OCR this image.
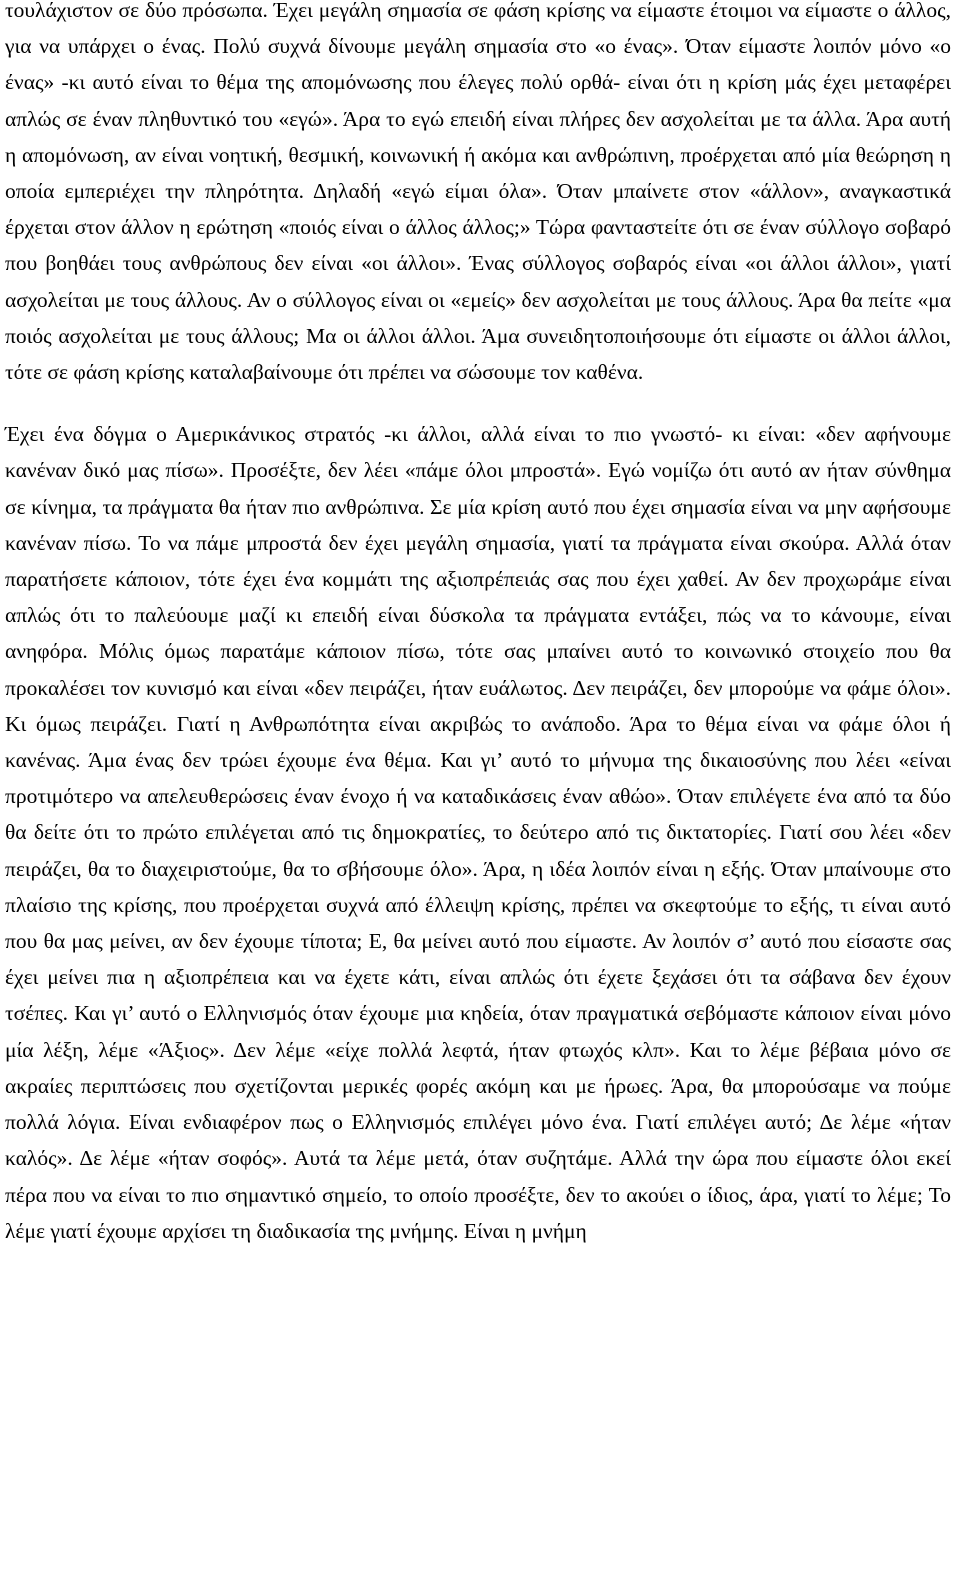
τουλάχιστον σε δύο πρόσωπα. Έχει μεγάλη σημασία σε φάση κρίσης να είμαστε έτοιμοι να είμαστε ο άλλος, για να υπάρχει ο ένας. Πολύ συχνά δίνουμε μεγάλη σημασία στο «ο ένας». Όταν είμαστε λοιπόν μόνο «ο ένας» -κι αυτό είναι το θέμα της απομόνωσης που έλεγες πολύ ορθά- είναι ότι η κρίση μάς έχει μεταφέρει απλώς σε έναν πληθυντικό του «εγώ». Άρα το εγώ επειδή είναι πλήρες δεν ασχολείται με τα άλλα. Άρα αυτή η απομόνωση, αν είναι νοητική, θεσμική, κοινωνική ή ακόμα και ανθρώπινη, προέρχεται από μία θεώρηση η οποία εμπεριέχει την πληρότητα. Δηλαδή «εγώ είμαι όλα». Όταν μπαίνετε στον «άλλον», αναγκαστικά έρχεται στον άλλον η ερώτηση «ποιός είναι ο άλλος άλλος;» Τώρα φανταστείτε ότι σε έναν σύλλογο σοβαρό που βοηθάει τους ανθρώπους δεν είναι «οι άλλοι». Ένας σύλλογος σοβαρός είναι «οι άλλοι άλλοι», γιατί ασχολείται με τους άλλους. Αν ο σύλλογος είναι οι «εμείς» δεν ασχολείται με τους άλλους. Άρα θα πείτε «μα ποιός ασχολείται με τους άλλους; Μα οι άλλοι άλλοι. Άμα συνειδητοποιήσουμε ότι είμαστε οι άλλοι άλλοι, τότε σε φάση κρίσης καταλαβαίνουμε ότι πρέπει να σώσουμε τον καθένα.

Έχει ένα δόγμα ο Αμερικάνικος στρατός -κι άλλοι, αλλά είναι το πιο γνωστό- κι είναι: «δεν αφήνουμε κανέναν δικό μας πίσω». Προσέξτε, δεν λέει «πάμε όλοι μπροστά». Εγώ νομίζω ότι αυτό αν ήταν σύνθημα σε κίνημα, τα πράγματα θα ήταν πιο ανθρώπινα. Σε μία κρίση αυτό που έχει σημασία είναι να μην αφήσουμε κανέναν πίσω. Το να πάμε μπροστά δεν έχει μεγάλη σημασία, γιατί τα πράγματα είναι σκούρα. Αλλά όταν παρατήσετε κάποιον, τότε έχει ένα κομμάτι της αξιοπρέπειάς σας που έχει χαθεί. Αν δεν προχωράμε είναι απλώς ότι το παλεύουμε μαζί κι επειδή είναι δύσκολα τα πράγματα εντάξει, πώς να το κάνουμε, είναι ανηφόρα. Μόλις όμως παρατάμε κάποιον πίσω, τότε σας μπαίνει αυτό το κοινωνικό στοιχείο που θα προκαλέσει τον κυνισμό και είναι «δεν πειράζει, ήταν ευάλωτος. Δεν πειράζει, δεν μπορούμε να φάμε όλοι». Κι όμως πειράζει. Γιατί η Ανθρωπότητα είναι ακριβώς το ανάποδο. Άρα το θέμα είναι να φάμε όλοι ή κανένας. Άμα ένας δεν τρώει έχουμε ένα θέμα. Και γι’ αυτό το μήνυμα της δικαιοσύνης που λέει «είναι προτιμότερο να απελευθερώσεις έναν ένοχο ή να καταδικάσεις έναν αθώο». Όταν επιλέγετε ένα από τα δύο θα δείτε ότι το πρώτο επιλέγεται από τις δημοκρατίες, το δεύτερο από τις δικτατορίες. Γιατί σου λέει «δεν πειράζει, θα το διαχειριστούμε, θα το σβήσουμε όλο». Άρα, η ιδέα λοιπόν είναι η εξής. Όταν μπαίνουμε στο πλαίσιο της κρίσης, που προέρχεται συχνά από έλλειψη κρίσης, πρέπει να σκεφτούμε το εξής, τι είναι αυτό που θα μας μείνει, αν δεν έχουμε τίποτα; Ε, θα μείνει αυτό που είμαστε. Αν λοιπόν σ’ αυτό που είσαστε σας έχει μείνει πια η αξιοπρέπεια και να έχετε κάτι, είναι απλώς ότι έχετε ξεχάσει ότι τα σάβανα δεν έχουν τσέπες. Και γι’ αυτό ο Ελληνισμός όταν έχουμε μια κηδεία, όταν πραγματικά σεβόμαστε κάποιον είναι μόνο μία λέξη, λέμε «Άξιος». Δεν λέμε «είχε πολλά λεφτά, ήταν φτωχός κλπ». Και το λέμε βέβαια μόνο σε ακραίες περιπτώσεις που σχετίζονται μερικές φορές ακόμη και με ήρωες. Άρα, θα μπορούσαμε να πούμε πολλά λόγια. Είναι ενδιαφέρον πως ο Ελληνισμός επιλέγει μόνο ένα. Γιατί επιλέγει αυτό; Δε λέμε «ήταν καλός». Δε λέμε «ήταν σοφός». Αυτά τα λέμε μετά, όταν συζητάμε. Αλλά την ώρα που είμαστε όλοι εκεί πέρα που να είναι το πιο σημαντικό σημείο, το οποίο προσέξτε, δεν το ακούει ο ίδιος, άρα, γιατί το λέμε; Το λέμε γιατί έχουμε αρχίσει τη διαδικασία της μνήμης. Είναι η μνήμη
